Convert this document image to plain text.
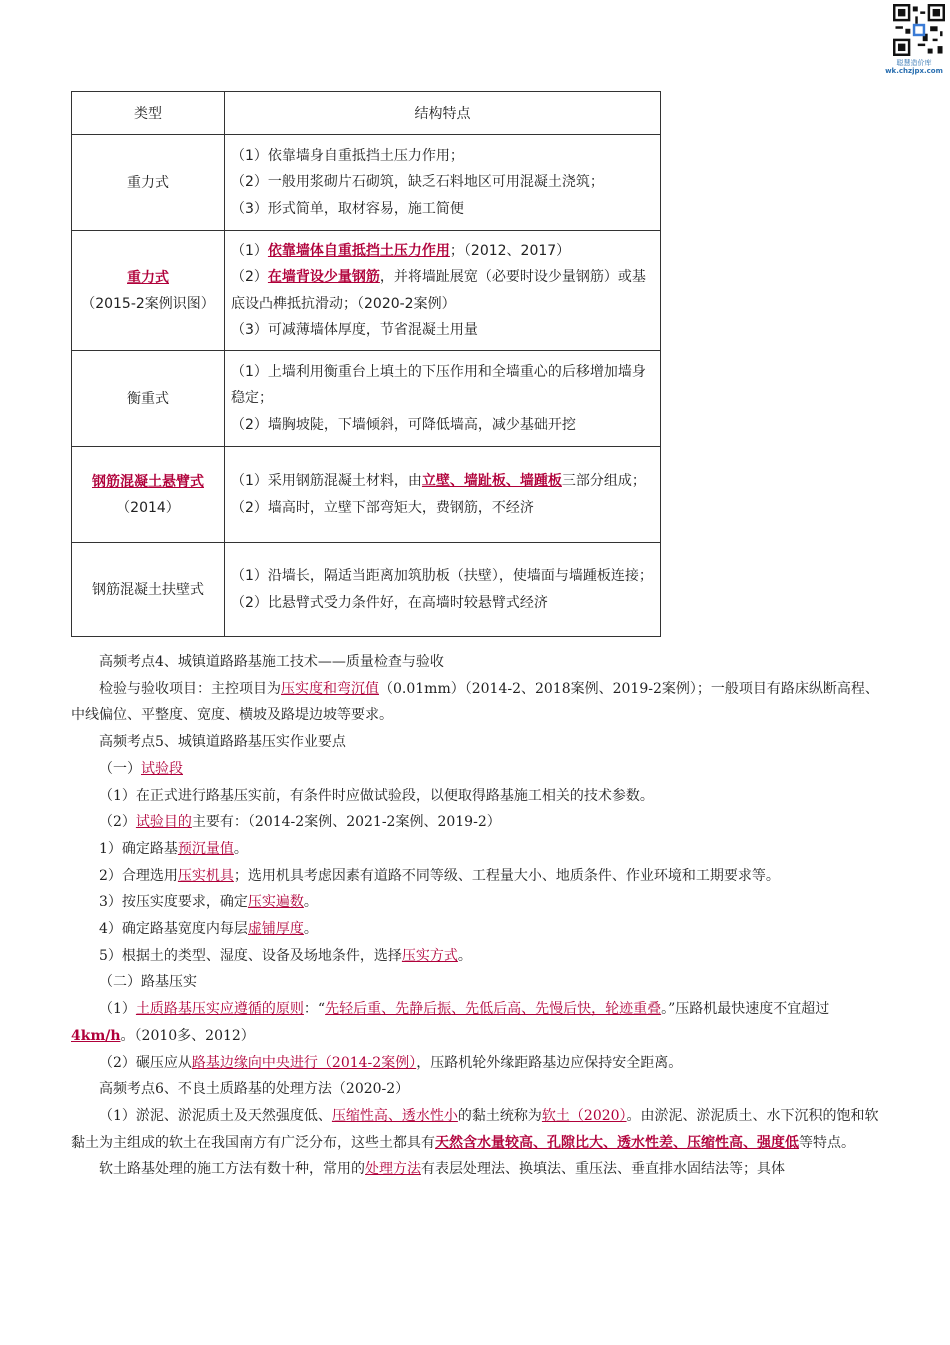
聪慧造价库
wk.chzjpx.com
类型	结构特点
重力式	（1）依靠墙身自重抵挡土压力作用；
（2）一般用浆砌片石砌筑，缺乏石料地区可用混凝土浇筑；
（3）形式简单，取材容易，施工简便

重力式
（2015-2案例识图）	（1）依靠墙体自重抵挡土压力作用；（2012、2017）
（2）在墙背设少量钢筋，并将墙趾展宽（必要时设少量钢筋）或基底设凸榫抵抗滑动；（2020-2案例）
（3）可减薄墙体厚度，节省混凝土用量

衡重式	（1）上墙利用衡重台上填土的下压作用和全墙重心的后移增加墙身稳定；
（2）墙胸坡陡，下墙倾斜，可降低墙高，减少基础开挖

钢筋混凝土悬臂式
（2014）	（1）采用钢筋混凝土材料，由立壁、墙趾板、墙踵板三部分组成；
（2）墙高时，立壁下部弯矩大，费钢筋，不经济

钢筋混凝土扶壁式	（1）沿墙长，隔适当距离加筑肋板（扶壁），使墙面与墙踵板连接；
（2）比悬臂式受力条件好，在高墙时较悬臂式经济
高频考点4、城镇道路路基施工技术——质量检查与验收
检验与验收项目：主控项目为压实度和弯沉值（0.01mm）（2014-2、2018案例、2019-2案例）；一般项目有路床纵断高程、中线偏位、平整度、宽度、横坡及路堤边坡等要求。
高频考点5、城镇道路路基压实作业要点
（一）试验段
（1）在正式进行路基压实前，有条件时应做试验段，以便取得路基施工相关的技术参数。
（2）试验目的主要有：（2014-2案例、2021-2案例、2019-2）
1）确定路基预沉量值。
2）合理选用压实机具；选用机具考虑因素有道路不同等级、工程量大小、地质条件、作业环境和工期要求等。
3）按压实度要求，确定压实遍数。
4）确定路基宽度内每层虚铺厚度。
5）根据土的类型、湿度、设备及场地条件，选择压实方式。
（二）路基压实
（1）土质路基压实应遵循的原则：“先轻后重、先静后振、先低后高、先慢后快，轮迹重叠。”压路机最快速度不宜超过4km/h。（2010多、2012）
（2）碾压应从路基边缘向中央进行（2014-2案例），压路机轮外缘距路基边应保持安全距离。
高频考点6、不良土质路基的处理方法（2020-2）
（1）淤泥、淤泥质土及天然强度低、压缩性高、透水性小的黏土统称为软土（2020）。由淤泥、淤泥质土、水下沉积的饱和软黏土为主组成的软土在我国南方有广泛分布，这些土都具有天然含水量较高、孔隙比大、透水性差、压缩性高、强度低等特点。
软土路基处理的施工方法有数十种，常用的处理方法有表层处理法、换填法、重压法、垂直排水固结法等；具体
